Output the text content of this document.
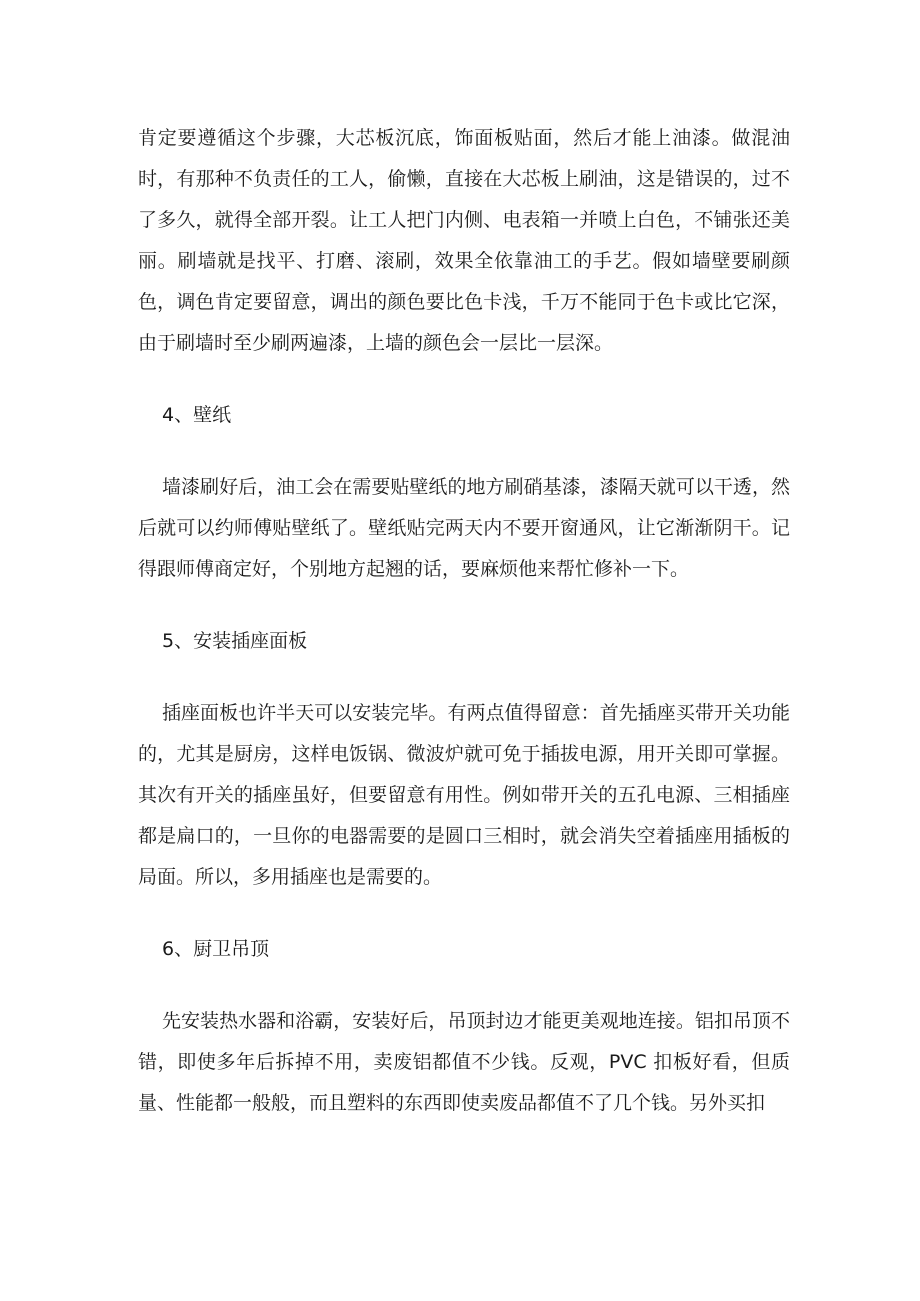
肯定要遵循这个步骤，大芯板沉底，饰面板贴面，然后才能上油漆。做混油时，有那种不负责任的工人，偷懒，直接在大芯板上刷油，这是错误的，过不了多久，就得全部开裂。让工人把门内侧、电表箱一并喷上白色，不铺张还美丽。刷墙就是找平、打磨、滚刷，效果全依靠油工的手艺。假如墙壁要刷颜色，调色肯定要留意，调出的颜色要比色卡浅，千万不能同于色卡或比它深，由于刷墙时至少刷两遍漆，上墙的颜色会一层比一层深。

4、壁纸

墙漆刷好后，油工会在需要贴壁纸的地方刷硝基漆，漆隔天就可以干透，然后就可以约师傅贴壁纸了。壁纸贴完两天内不要开窗通风，让它渐渐阴干。记得跟师傅商定好，个别地方起翘的话，要麻烦他来帮忙修补一下。

5、安装插座面板

插座面板也许半天可以安装完毕。有两点值得留意：首先插座买带开关功能的，尤其是厨房，这样电饭锅、微波炉就可免于插拔电源，用开关即可掌握。其次有开关的插座虽好，但要留意有用性。例如带开关的五孔电源、三相插座都是扁口的，一旦你的电器需要的是圆口三相时，就会消失空着插座用插板的局面。所以，多用插座也是需要的。

6、厨卫吊顶

先安装热水器和浴霸，安装好后，吊顶封边才能更美观地连接。铝扣吊顶不错，即使多年后拆掉不用，卖废铝都值不少钱。反观，PVC 扣板好看，但质量、性能都一般般，而且塑料的东西即使卖废品都值不了几个钱。另外买扣
